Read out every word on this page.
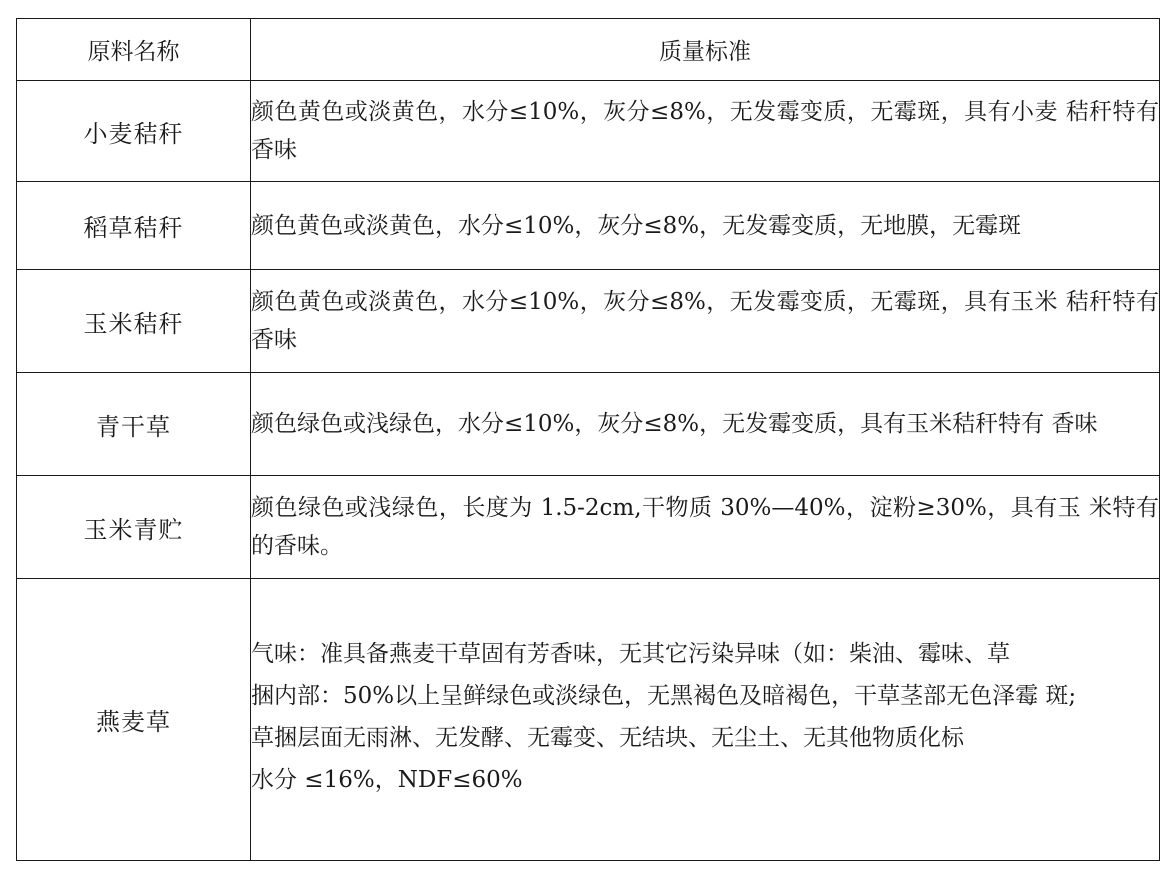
原料名称	质量标准
小麦秸秆	颜色黄色或淡黄色，水分≤10%，灰分≤8%，无发霉变质，无霉斑，具有小麦 秸秆特有香味
稻草秸秆	颜色黄色或淡黄色，水分≤10%，灰分≤8%，无发霉变质，无地膜，无霉斑
玉米秸秆	颜色黄色或淡黄色，水分≤10%，灰分≤8%，无发霉变质，无霉斑，具有玉米 秸秆特有香味
青干草	颜色绿色或浅绿色，水分≤10%，灰分≤8%，无发霉变质，具有玉米秸秆特有 香味
玉米青贮	颜色绿色或浅绿色，长度为 1.5-2cm,干物质 30%—40%，淀粉≥30%，具有玉 米特有的香味。
燕麦草	气味：准具备燕麦干草固有芳香味，无其它污染异味（如：柴油、霉味、草

捆内部：50%以上呈鲜绿色或淡绿色，无黑褐色及暗褐色，干草茎部无色泽霉 斑;

草捆层面无雨淋、无发酵、无霉变、无结块、无尘土、无其他物质化标

水分 ≤16%，NDF≤60%
